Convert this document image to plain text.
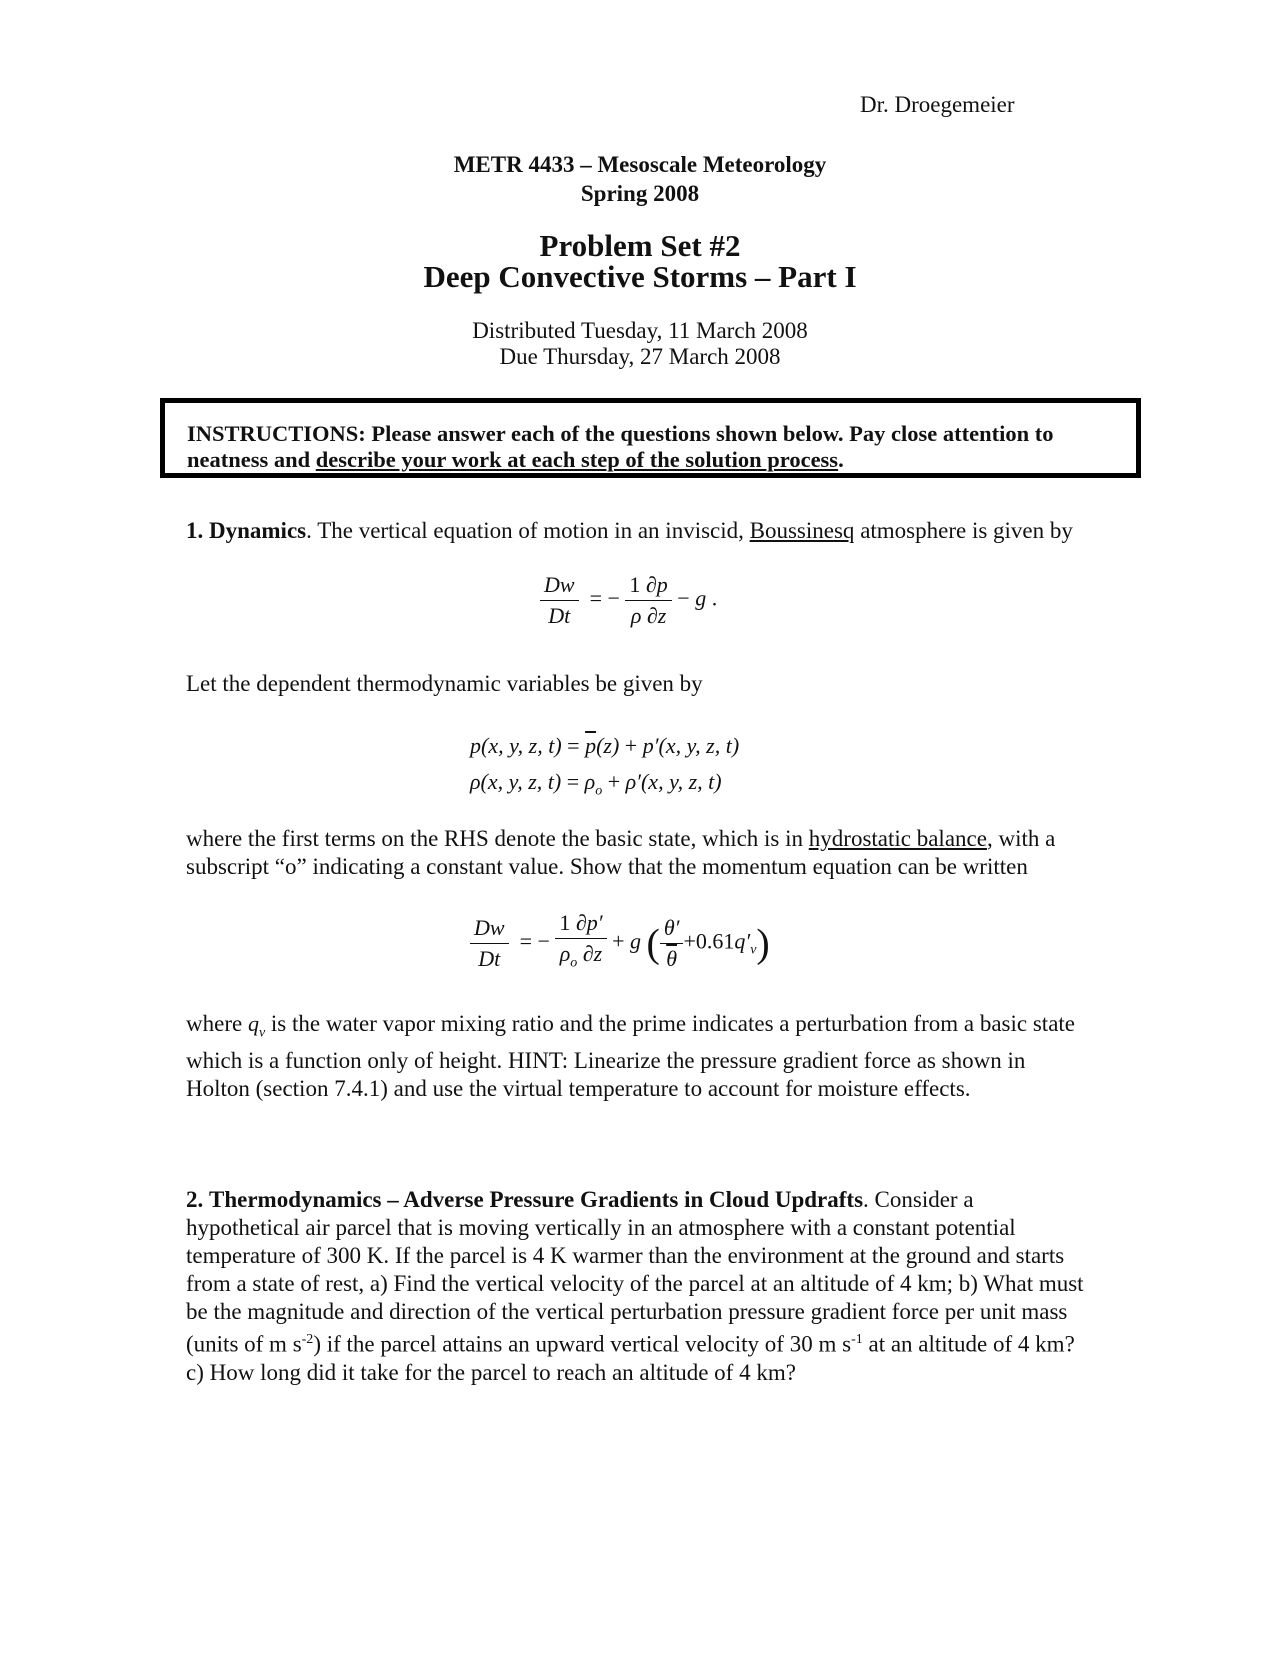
Dr. Droegemeier
METR 4433 – Mesoscale Meteorology
Spring 2008
Problem Set #2
Deep Convective Storms – Part I
Distributed Tuesday, 11 March 2008
Due Thursday, 27 March 2008
INSTRUCTIONS: Please answer each of the questions shown below. Pay close attention to neatness and describe your work at each step of the solution process.
1. Dynamics. The vertical equation of motion in an inviscid, Boussinesq atmosphere is given by
$\frac{Dw}{Dt}$ = − $\frac{1 \partial p}{\rho \partial z} - g$ .
Let the dependent thermodynamic variables be given by
p(x, y, z, $t) = \overline{p}(z) + p'(x$, y, z, t)
ρ(x, y, z, $t) = \rho_o + \rho'(x$, y, z, t)
where the first terms on the RHS denote the basic state, which is in hydrostatic balance, with a subscript “o” indicating a constant value. Show that the momentum equation can be written
$\frac{Dw}{Dt}$ = − $\frac{1 \partial p'}{\rho_o \partial z} + g$ ( $\frac{\theta'}{\theta} +0.61q'_v$)
where $q_v$ is the water vapor mixing ratio and the prime indicates a perturbation from a basic state which is a function only of height. HINT: Linearize the pressure gradient force as shown in Holton (section 7.4.1) and use the virtual temperature to account for moisture effects.
2. Thermodynamics – Adverse Pressure Gradients in Cloud Updrafts. Consider a hypothetical air parcel that is moving vertically in an atmosphere with a constant potential temperature of 300 K. If the parcel is 4 K warmer than the environment at the ground and starts from a state of rest, a) Find the vertical velocity of the parcel at an altitude of 4 km; b) What must be the magnitude and direction of the vertical perturbation pressure gradient force per unit mass (units of m $s^{-2}$) if the parcel attains an upward vertical velocity of 30 m $s^{-1}$ at an altitude of 4 km? c) How long did it take for the parcel to reach an altitude of 4 km?
